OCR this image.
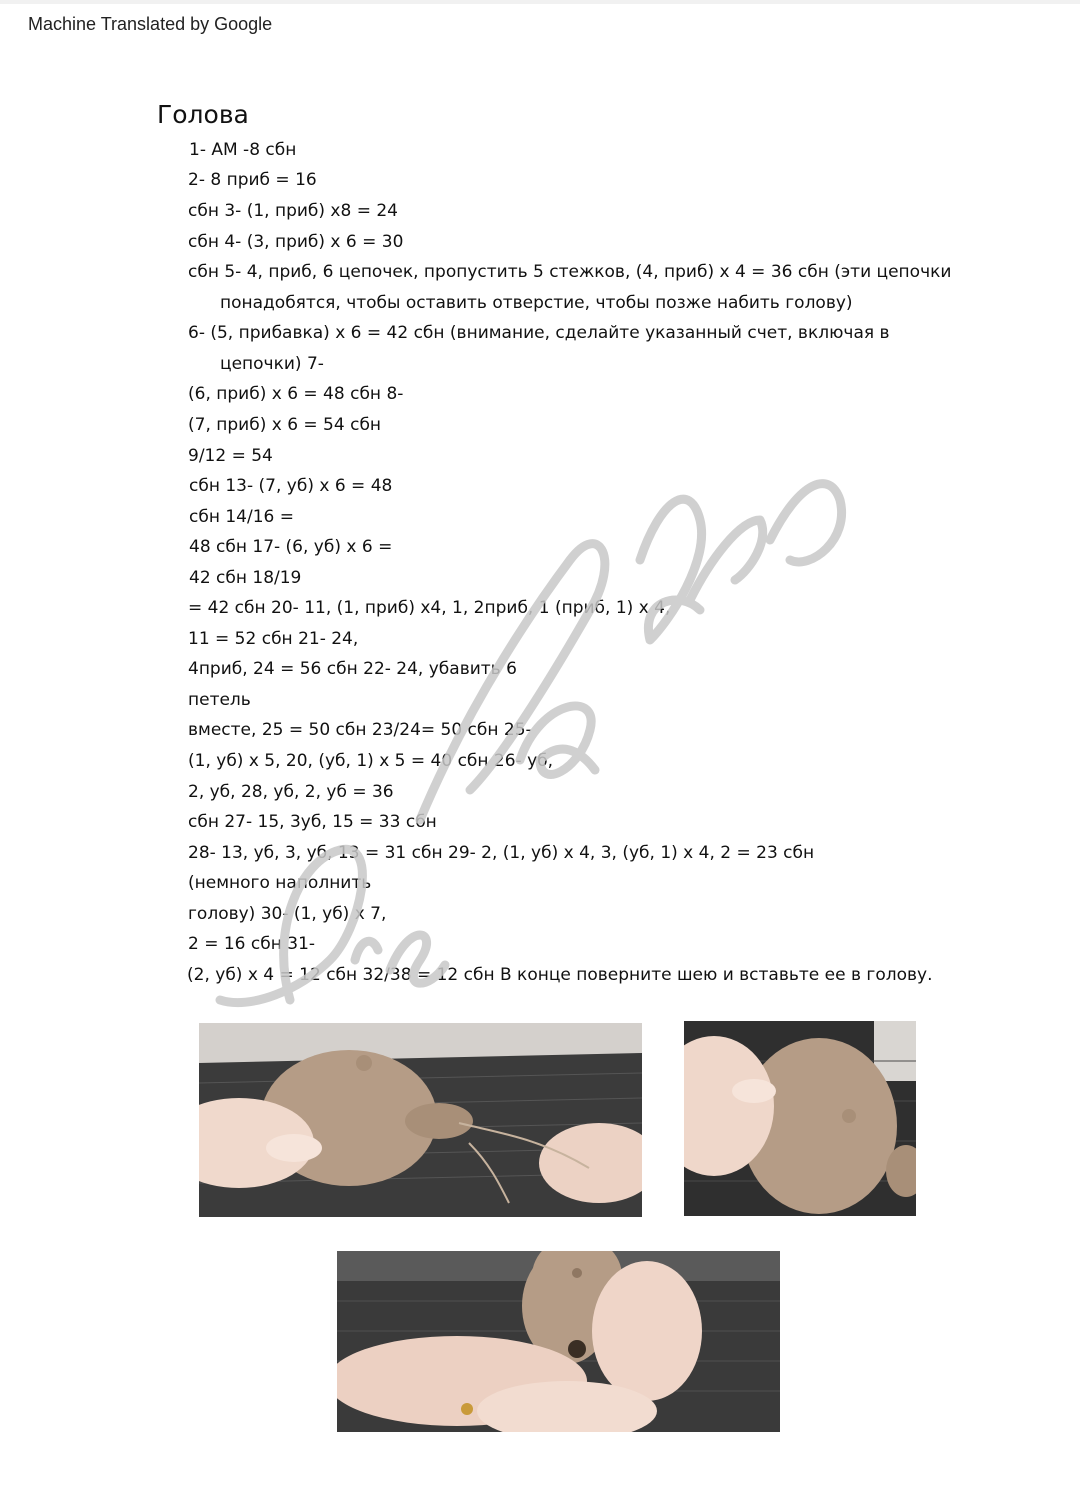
Machine Translated by Google
Голова
1- АМ -8 сбн
2- 8 приб = 16
сбн 3- (1, приб) x8 = 24
сбн 4- (3, приб) x 6 = 30
сбн 5- 4, приб, 6 цепочек, пропустить 5 стежков, (4, приб) x 4 = 36 сбн (эти цепочки
понадобятся, чтобы оставить отверстие, чтобы позже набить голову)
6- (5, прибавка) x 6 = 42 сбн (внимание, сделайте указанный счет, включая в
цепочки) 7-
(6, приб) x 6 = 48 сбн 8-
(7, приб) x 6 = 54 сбн
9/12 = 54
сбн 13- (7, уб) x 6 = 48
сбн 14/16 =
48 сбн 17- (6, уб) x 6 =
42 сбн 18/19
= 42 сбн 20- 11, (1, приб) x4, 1, 2приб, 1 (приб, 1) x 4,
11 = 52 сбн 21- 24,
4приб, 24 = 56 сбн 22- 24, убавить 6
петель
вместе, 25 = 50 сбн 23/24= 50 сбн 25-
(1, уб) x 5, 20, (уб, 1) x 5 = 40 сбн 26- уб,
2, уб, 28, уб, 2, уб = 36
сбн 27- 15, 3уб, 15 = 33 сбн
28- 13, уб, 3, уб, 13 = 31 сбн 29- 2, (1, уб) x 4, 3, (уб, 1) x 4, 2 = 23 сбн
(немного наполнить
голову) 30- (1, уб) x 7,
2 = 16 сбн 31-
(2, уб) x 4 = 12 сбн 32/38 = 12 сбн В конце поверните шею и вставьте ее в голову.
